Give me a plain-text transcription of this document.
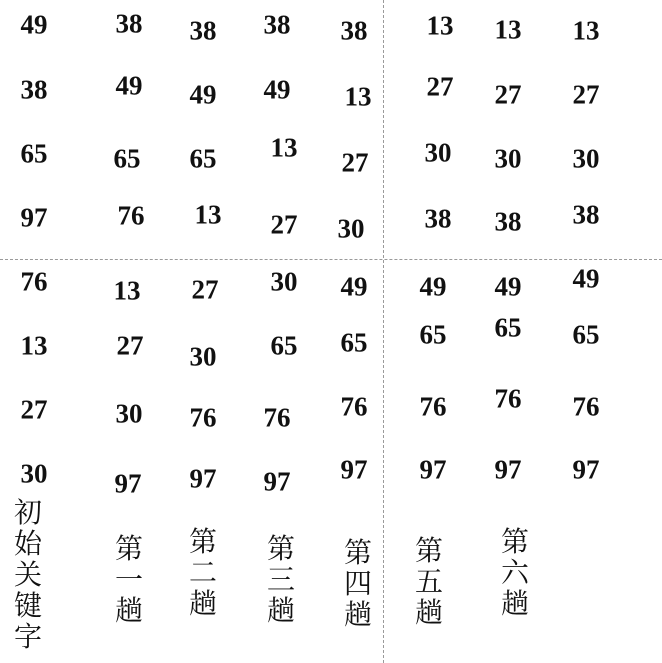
49
38
65
97
76
13
27
30
38
49
65
76
13
27
30
97
38
49
65
13
27
30
76
97
38
49
13
27
30
65
76
97
38
13
27
30
49
65
76
97
13
27
30
38
49
65
76
97
13
27
30
38
49
65
76
97
13
27
30
38
49
65
76
97
初始关键字
第一趟
第二趟
第三趟
第四趟
第五趟
第六趟
